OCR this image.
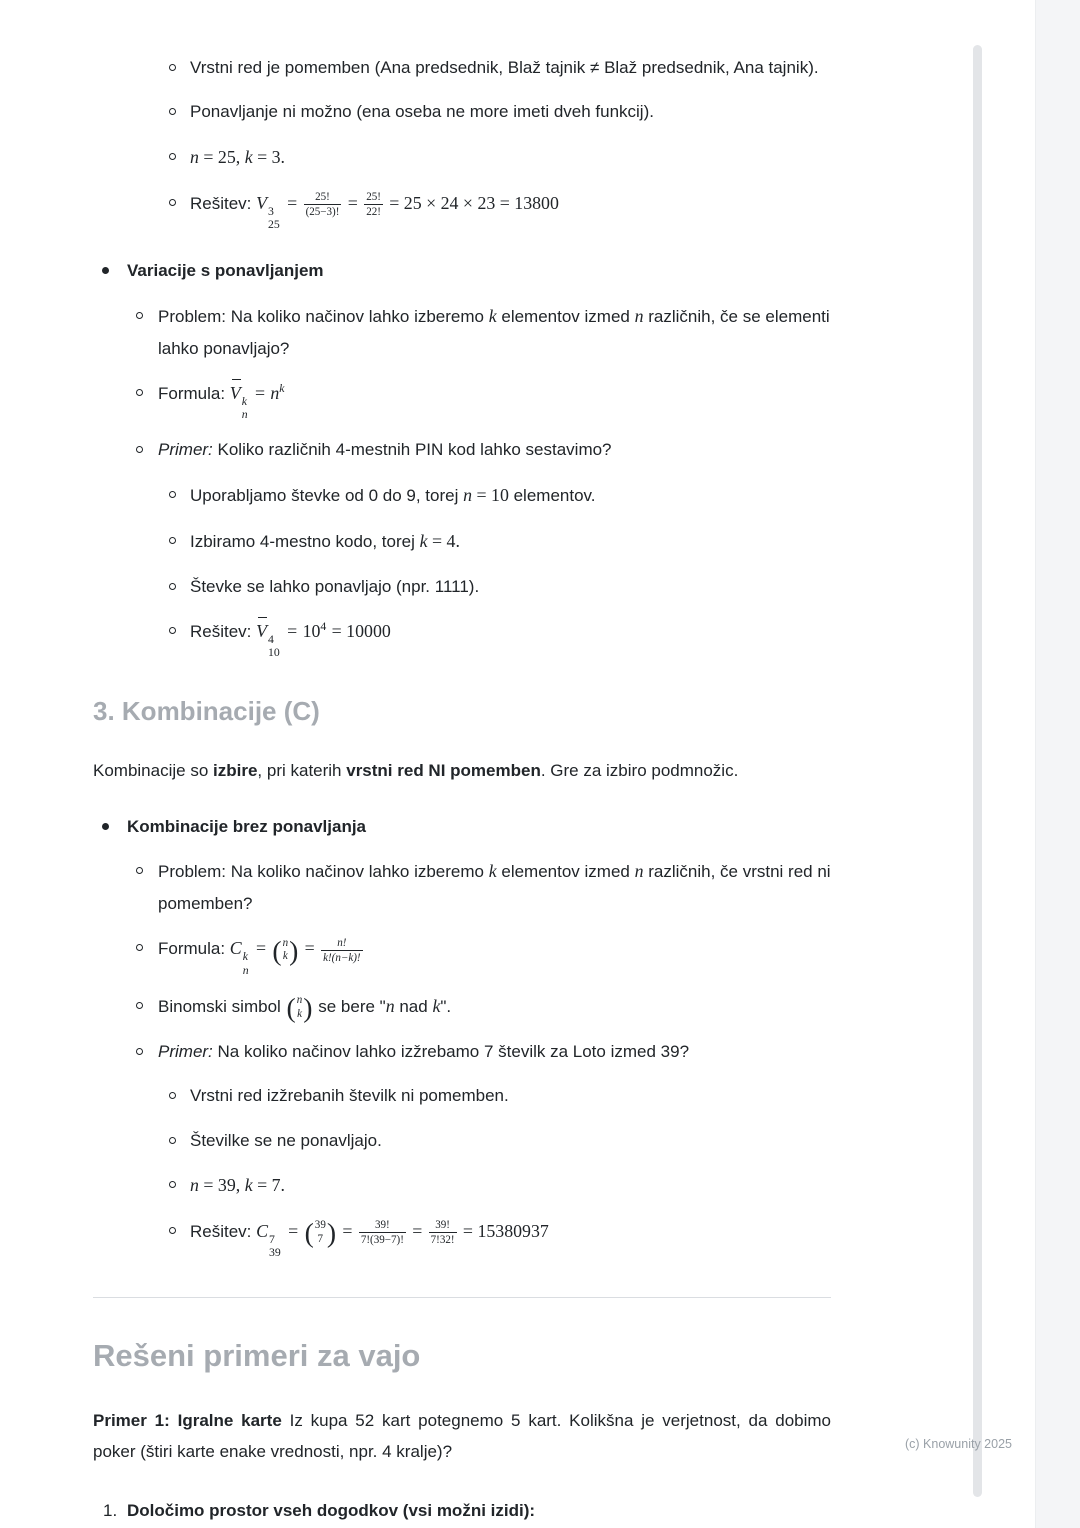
Vrstni red je pomemben (Ana predsednik, Blaž tajnik ≠ Blaž predsednik, Ana tajnik).
Ponavljanje ni možno (ena oseba ne more imeti dveh funkcij).
n = 25, k = 3.
Rešitev: V 3
25
= $\frac{25!}{(25-3)!} = \frac{25!}{22!} = 25 \times 24 \times 23 = 13800$
Variacije s ponavljanjem
Problem: Na koliko načinov lahko izberemo k elementov izmed n različnih, če se elementi lahko ponavljajo?
Formula: V k
n
= $n^k$
Primer: Koliko različnih 4-mestnih PIN kod lahko sestavimo?
Uporabljamo števke od 0 do 9, torej n = 10 elementov.
Izbiramo 4-mestno kodo, torej k = 4.
Števke se lahko ponavljajo (npr. 1111).
Rešitev: V 4
10
= $10^4 = 10000$
3. Kombinacije (C)

Kombinacije so izbire, pri katerih vrstni red NI pomemben. Gre za izbiro podmnožic.

Kombinacije brez ponavljanja
Problem: Na koliko načinov lahko izberemo k elementov izmed n različnih, če vrstni red ni pomemben?
Formula: C k
n
= ( n
k ) = $\frac{n!}{k!(n-k)!}$
Binomski simbol ( n
k ) se bere "n nad k".
Primer: Na koliko načinov lahko izžrebamo 7 številk za Loto izmed 39?
Vrstni red izžrebanih številk ni pomemben.
Številke se ne ponavljajo.
n = 39, k = 7.
Rešitev: C 7
39
= ( 39
7 ) = $\frac{39!}{7!(39-7)!} = \frac{39!}{7!32!} = 15380937$
Rešeni primeri za vajo

Primer 1: Igralne karte Iz kupa 52 kart potegnemo 5 kart. Kolikšna je verjetnost, da dobimo poker (štiri karte enake vrednosti, npr. 4 kralje)?

1. Določimo prostor vseh dogodkov (vsi možni izidi):
(c) Knowunity 2025
